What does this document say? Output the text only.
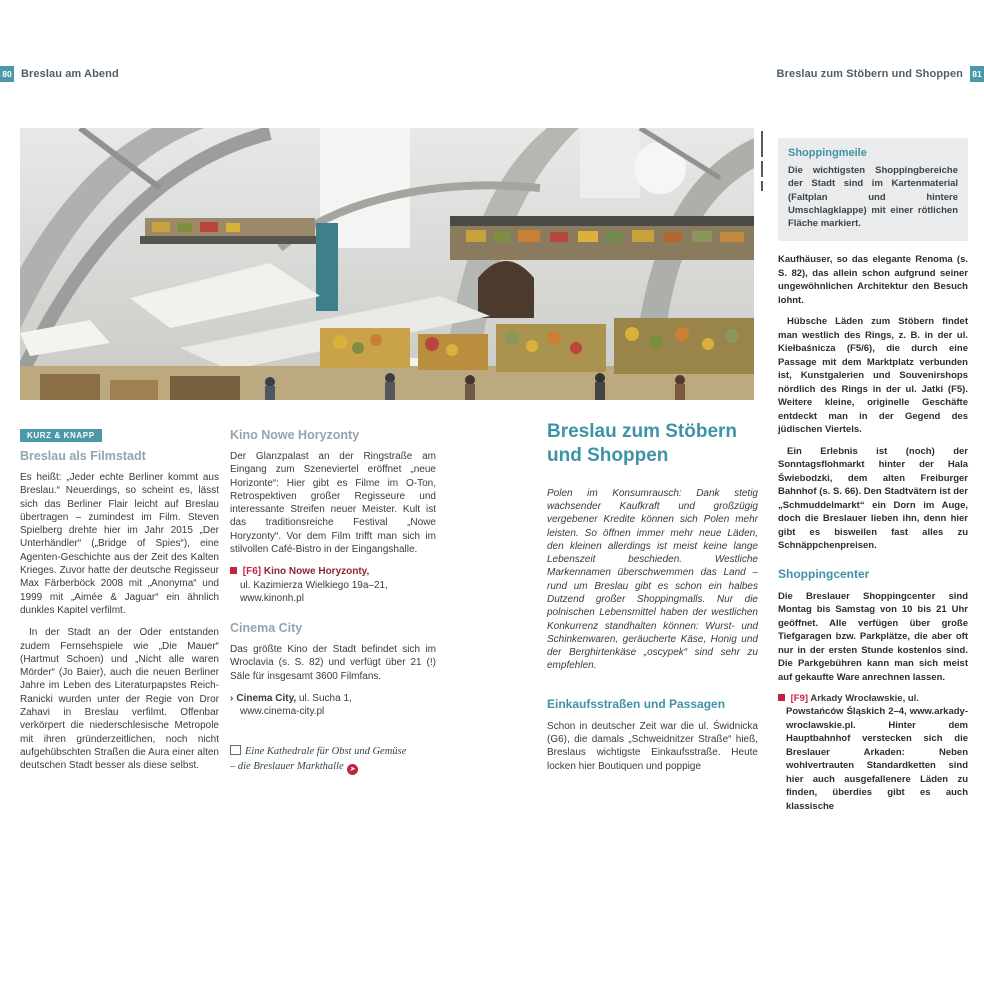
80 Breslau am Abend	Breslau zum Stöbern und Shoppen 81
KURZ & KNAPP
Breslau als Filmstadt

Es heißt: „Jeder echte Berliner kommt aus Breslau.“ Neuerdings, so scheint es, lässt sich das Berliner Flair leicht auf Breslau übertragen – zumindest im Film. Steven Spielberg drehte hier im Jahr 2015 „Der Unterhändler“ („Bridge of Spies“), eine Agenten-Geschichte aus der Zeit des Kalten Krieges. Zuvor hatte der deutsche Regisseur Max Färberböck 2008 mit „Anonyma“ und 1999 mit „Aimée & Jaguar“ ein ähnlich dunkles Kapitel verfilmt.

In der Stadt an der Oder entstanden zudem Fernsehspiele wie „Die Mauer“ (Hartmut Schoen) und „Nicht alle waren Mörder“ (Jo Baier), auch die neuen Berliner Jahre im Leben des Literaturpapstes Reich-Ranicki wurden unter der Regie von Dror Zahavi in Breslau verfilmt. Offenbar verkörpert die niederschlesische Metropole mit ihren gründerzeitlichen, noch nicht aufgehübschten Straßen die Aura einer alten deutschen Stadt besser als diese selbst.

Kino Nowe Horyzonty

Der Glanzpalast an der Ringstraße am Eingang zum Szeneviertel eröffnet „neue Horizonte“: Hier gibt es Filme im O-Ton, Retrospektiven großer Regisseure und interessante Streifen neuer Meister. Kult ist das traditionsreiche Festival „Nowe Horyzonty“. Vor dem Film trifft man sich im stilvollen Café-Bistro in der Eingangshalle.

[F6] Kino Nowe Horyzonty,
ul. Kazimierza Wielkiego 19a–21,
www.kinonh.pl
Cinema City

Das größte Kino der Stadt befindet sich im Wroclavia (s. S. 82) und verfügt über 21 (!) Säle für insgesamt 3600 Filmfans.

› Cinema City, ul. Sucha 1,
www.cinema-city.pl
Eine Kathedrale für Obst und Gemüse – die Breslauer Markthalle ➤
Breslau zum Stöbern und Shoppen

Polen im Konsumrausch: Dank stetig wachsender Kaufkraft und großzügig vergebener Kredite können sich Polen mehr leisten. So öffnen immer mehr neue Läden, den kleinen allerdings ist meist keine lange Lebenszeit beschieden. Westliche Markennamen überschwemmen das Land – rund um Breslau gibt es schon ein halbes Dutzend großer Shoppingmalls. Nur die polnischen Lebensmittel haben der westlichen Konkurrenz standhalten können: Wurst- und Schinkenwaren, geräucherte Käse, Honig und der Berghirtenkäse „oscypek“ sind sehr zu empfehlen.

Einkaufsstraßen und Passagen

Schon in deutscher Zeit war die ul. Świdnicka (G6), die damals „Schweidnitzer Straße“ hieß, Breslaus wichtigste Einkaufsstraße. Heute locken hier Boutiquen und poppige

Shoppingmeile
Die wichtigsten Shoppingbereiche der Stadt sind im Kartenmaterial (Faltplan und hintere Umschlagklappe) mit einer rötlichen Fläche markiert.

Kaufhäuser, so das elegante Renoma (s. S. 82), das allein schon aufgrund seiner ungewöhnlichen Architektur den Besuch lohnt.

Hübsche Läden zum Stöbern findet man westlich des Rings, z. B. in der ul. Kiełbaśnicza (F5/6), die durch eine Passage mit dem Marktplatz verbunden ist, Kunstgalerien und Souvenirshops nördlich des Rings in der ul. Jatki (F5). Weitere kleine, originelle Geschäfte entdeckt man in der Gegend des jüdischen Viertels.

Ein Erlebnis ist (noch) der Sonntagsflohmarkt hinter der Hala Świebodzki, dem alten Freiburger Bahnhof (s. S. 66). Den Stadtvätern ist der „Schmuddelmarkt“ ein Dorn im Auge, doch die Breslauer lieben ihn, denn hier gibt es bisweilen fast alles zu Schnäppchenpreisen.

Shoppingcenter

Die Breslauer Shoppingcenter sind Montag bis Samstag von 10 bis 21 Uhr geöffnet. Alle verfügen über große Tiefgaragen bzw. Parkplätze, die aber oft nur in der ersten Stunde kostenlos sind. Die Parkgebühren kann man sich meist auf gekaufte Ware anrechnen lassen.

[F9] Arkady Wrocławskie, ul.

Powstańców Śląskich 2–4, www.arkady-wroclawskie.pl. Hinter dem Hauptbahnhof verstecken sich die Breslauer Arkaden: Neben wohlvertrauten Standardketten sind hier auch ausgefallenere Läden zu finden, überdies gibt es auch klassische
